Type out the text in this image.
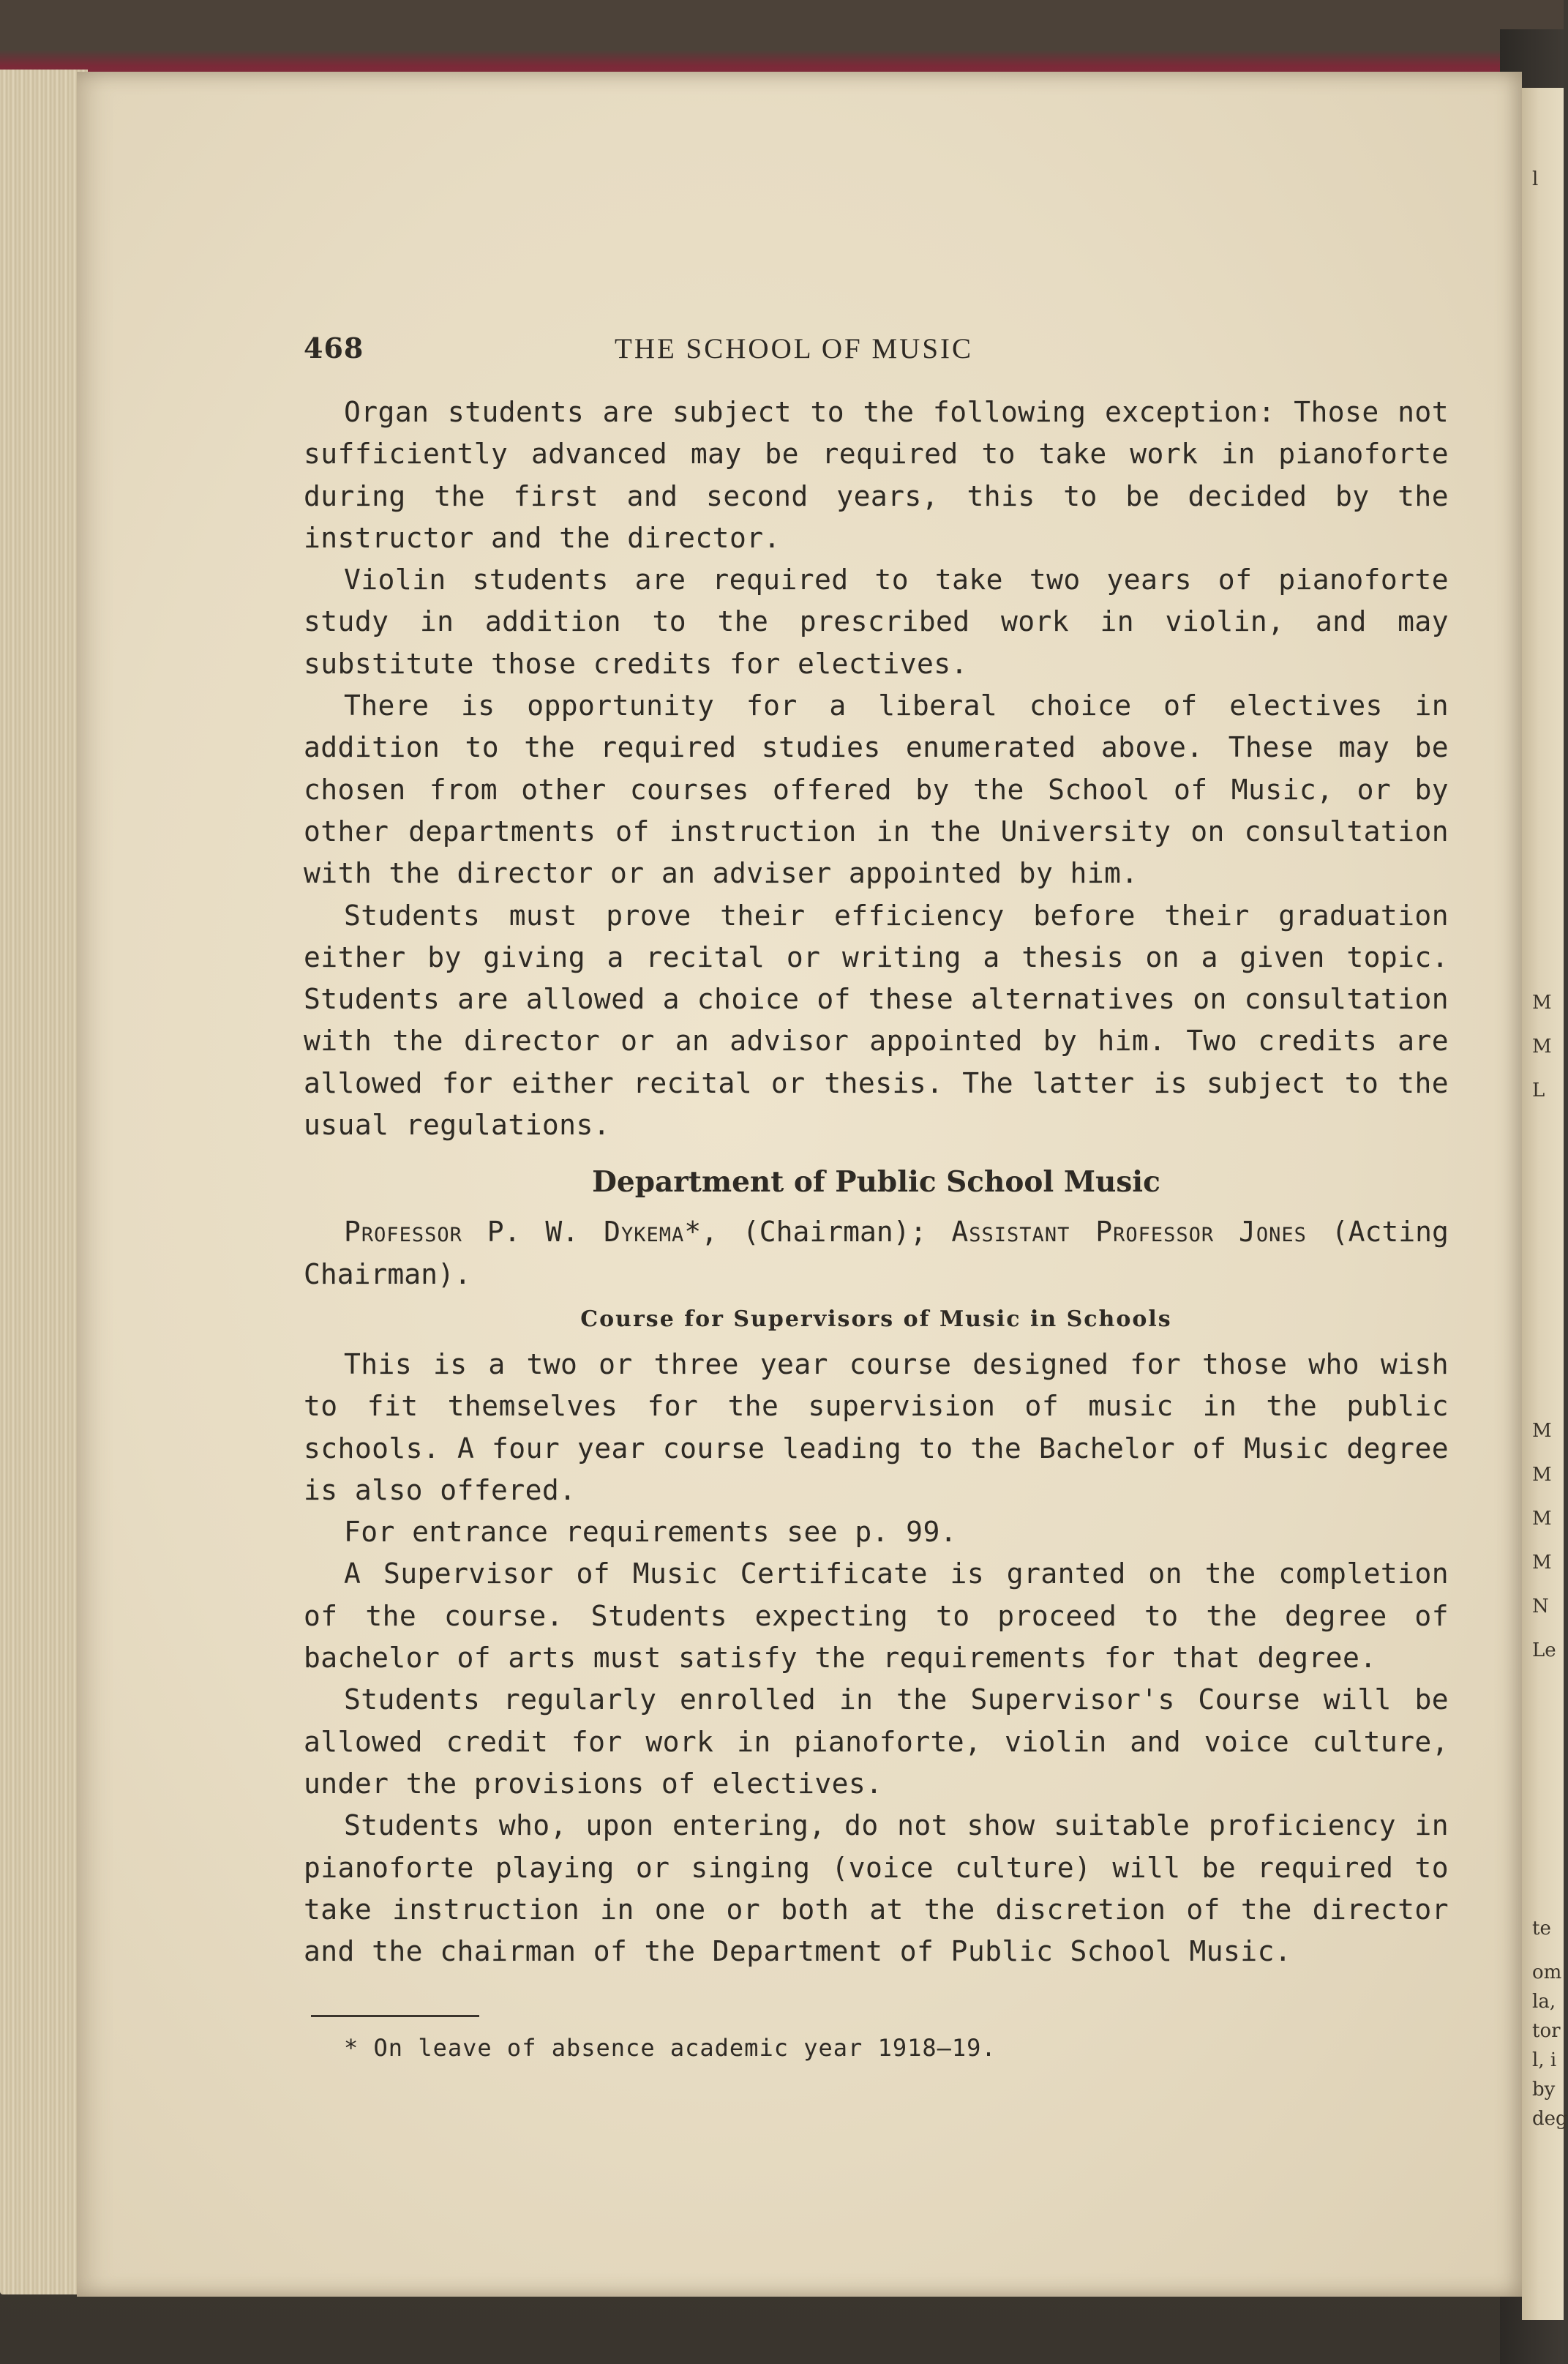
l
M
M
L
M
M
M
M
N
Le
te
om
la,
tor
l, i
by
deg
468	THE SCHOOL OF MUSIC

Organ students are subject to the following exception: Those not sufficiently advanced may be required to take work in pianoforte during the first and second years, this to be decided by the instructor and the director.

Violin students are required to take two years of pianoforte study in addition to the prescribed work in violin, and may substitute those credits for electives.

There is opportunity for a liberal choice of electives in addition to the required studies enumerated above. These may be chosen from other courses offered by the School of Music, or by other departments of instruction in the University on consultation with the director or an adviser appointed by him.

Students must prove their efficiency before their graduation either by giving a recital or writing a thesis on a given topic. Students are allowed a choice of these alternatives on consultation with the director or an advisor appointed by him. Two credits are allowed for either recital or thesis. The latter is subject to the usual regulations.

Department of Public School Music

Professor P. W. Dykema*, (Chairman); Assistant Professor Jones (Acting Chairman).

Course for Supervisors of Music in Schools

This is a two or three year course designed for those who wish to fit themselves for the supervision of music in the public schools. A four year course leading to the Bachelor of Music degree is also offered.

For entrance requirements see p. 99.

A Supervisor of Music Certificate is granted on the completion of the course. Students expecting to proceed to the degree of bachelor of arts must satisfy the requirements for that degree.

Students regularly enrolled in the Supervisor's Course will be allowed credit for work in pianoforte, violin and voice culture, under the provisions of electives.

Students who, upon entering, do not show suitable proficiency in pianoforte playing or singing (voice culture) will be required to take instruction in one or both at the discretion of the director and the chairman of the Department of Public School Music.

* On leave of absence academic year 1918–19.
